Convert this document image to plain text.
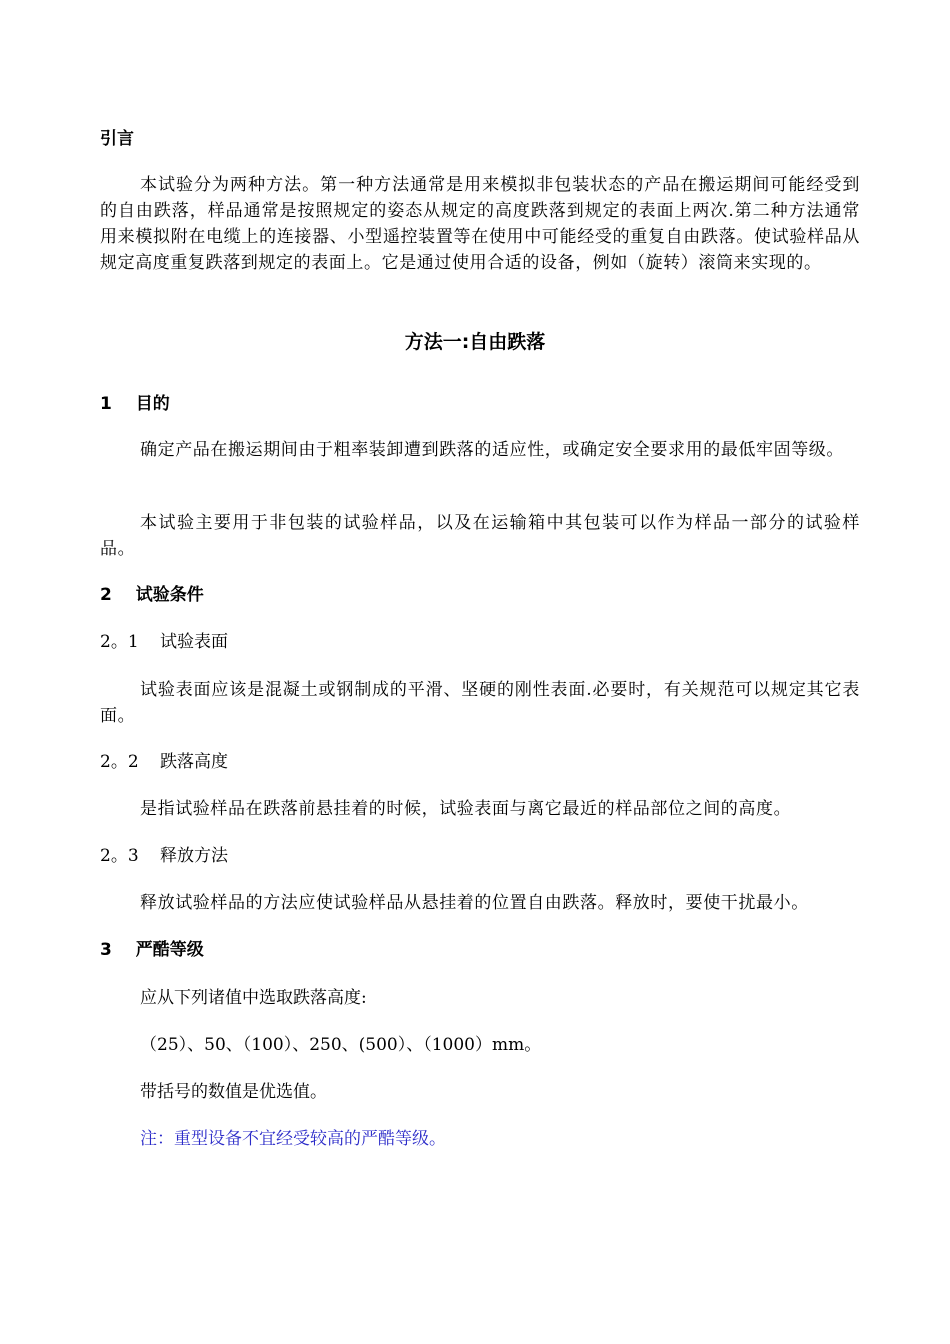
引言
本试验分为两种方法。第一种方法通常是用来模拟非包装状态的产品在搬运期间可能经受到的自由跌落，样品通常是按照规定的姿态从规定的高度跌落到规定的表面上两次.第二种方法通常用来模拟附在电缆上的连接器、小型遥控装置等在使用中可能经受的重复自由跌落。使试验样品从规定高度重复跌落到规定的表面上。它是通过使用合适的设备，例如（旋转）滚筒来实现的。
方法一:自由跌落
1 目的
确定产品在搬运期间由于粗率装卸遭到跌落的适应性，或确定安全要求用的最低牢固等级。
本试验主要用于非包装的试验样品，以及在运输箱中其包装可以作为样品一部分的试验样品。
2 试验条件
2。1 试验表面
试验表面应该是混凝土或钢制成的平滑、坚硬的刚性表面.必要时，有关规范可以规定其它表面。
2。2 跌落高度
是指试验样品在跌落前悬挂着的时候，试验表面与离它最近的样品部位之间的高度。
2。3 释放方法
释放试验样品的方法应使试验样品从悬挂着的位置自由跌落。释放时，要使干扰最小。
3 严酷等级
应从下列诸值中选取跌落高度:
（25）、50、（100）、250、(500）、（1000）mm。
带括号的数值是优选值。
注：重型设备不宜经受较高的严酷等级。
